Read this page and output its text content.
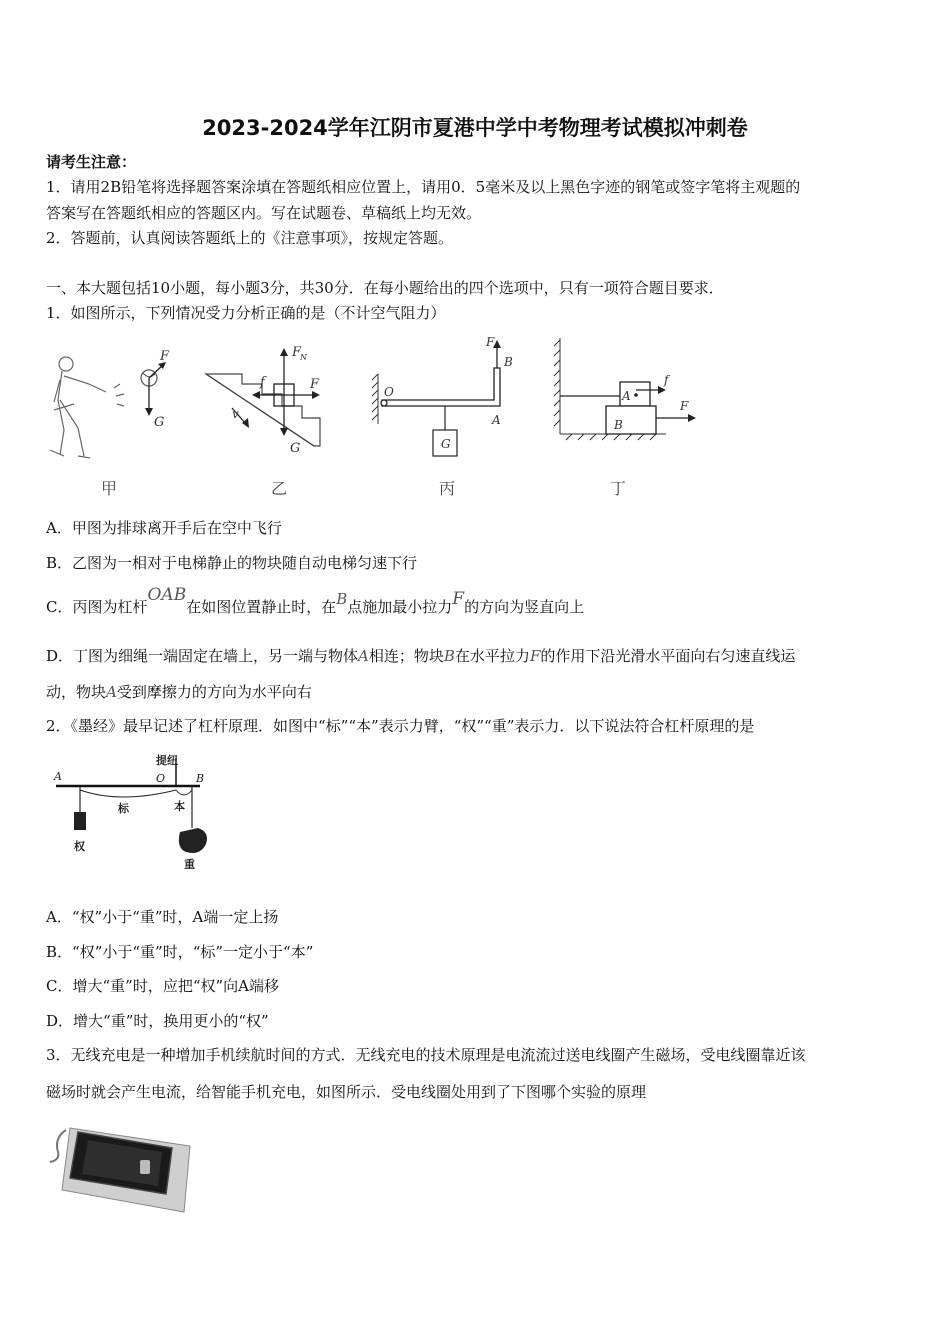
2023-2024学年江阴市夏港中学中考物理考试模拟冲刺卷
请考生注意：
1．请用2B铅笔将选择题答案涂填在答题纸相应位置上，请用0．5毫米及以上黑色字迹的钢笔或签字笔将主观题的
答案写在答题纸相应的答题区内。写在试题卷、草稿纸上均无效。
2．答题前，认真阅读答题纸上的《注意事项》，按规定答题。
一、本大题包括10小题，每小题3分，共30分．在每小题给出的四个选项中，只有一项符合题目要求．
1．如图所示，下列情况受力分析正确的是（不计空气阻力）
F
G
F
N
f	F
G
v
G
O
F
B
A
A
B
f
F
甲	乙	丙	丁
A．甲图为排球离开手后在空中飞行
B．乙图为一相对于电梯静止的物块随自动电梯匀速下行
C．丙图为杠杆OAB在如图位置静止时，在B点施加最小拉力F的方向为竖直向上
D．丁图为细绳一端固定在墙上，另一端与物体A相连；物块B在水平拉力F的作用下沿光滑水平面向右匀速直线运
动，物块A受到摩擦力的方向为水平向右
2．《墨经》最早记述了杠杆原理．如图中“标”“本”表示力臂，“权”“重”表示力．以下说法符合杠杆原理的是
A	O	B
提纽
标	本
权
重
A．“权”小于“重”时，A端一定上扬
B．“权”小于“重”时，“标”一定小于“本”
C．增大“重”时，应把“权”向A端移
D．增大“重”时，换用更小的“权”
3．无线充电是一种增加手机续航时间的方式．无线充电的技术原理是电流流过送电线圈产生磁场，受电线圈靠近该
磁场时就会产生电流，给智能手机充电，如图所示．受电线圈处用到了下图哪个实验的原理
